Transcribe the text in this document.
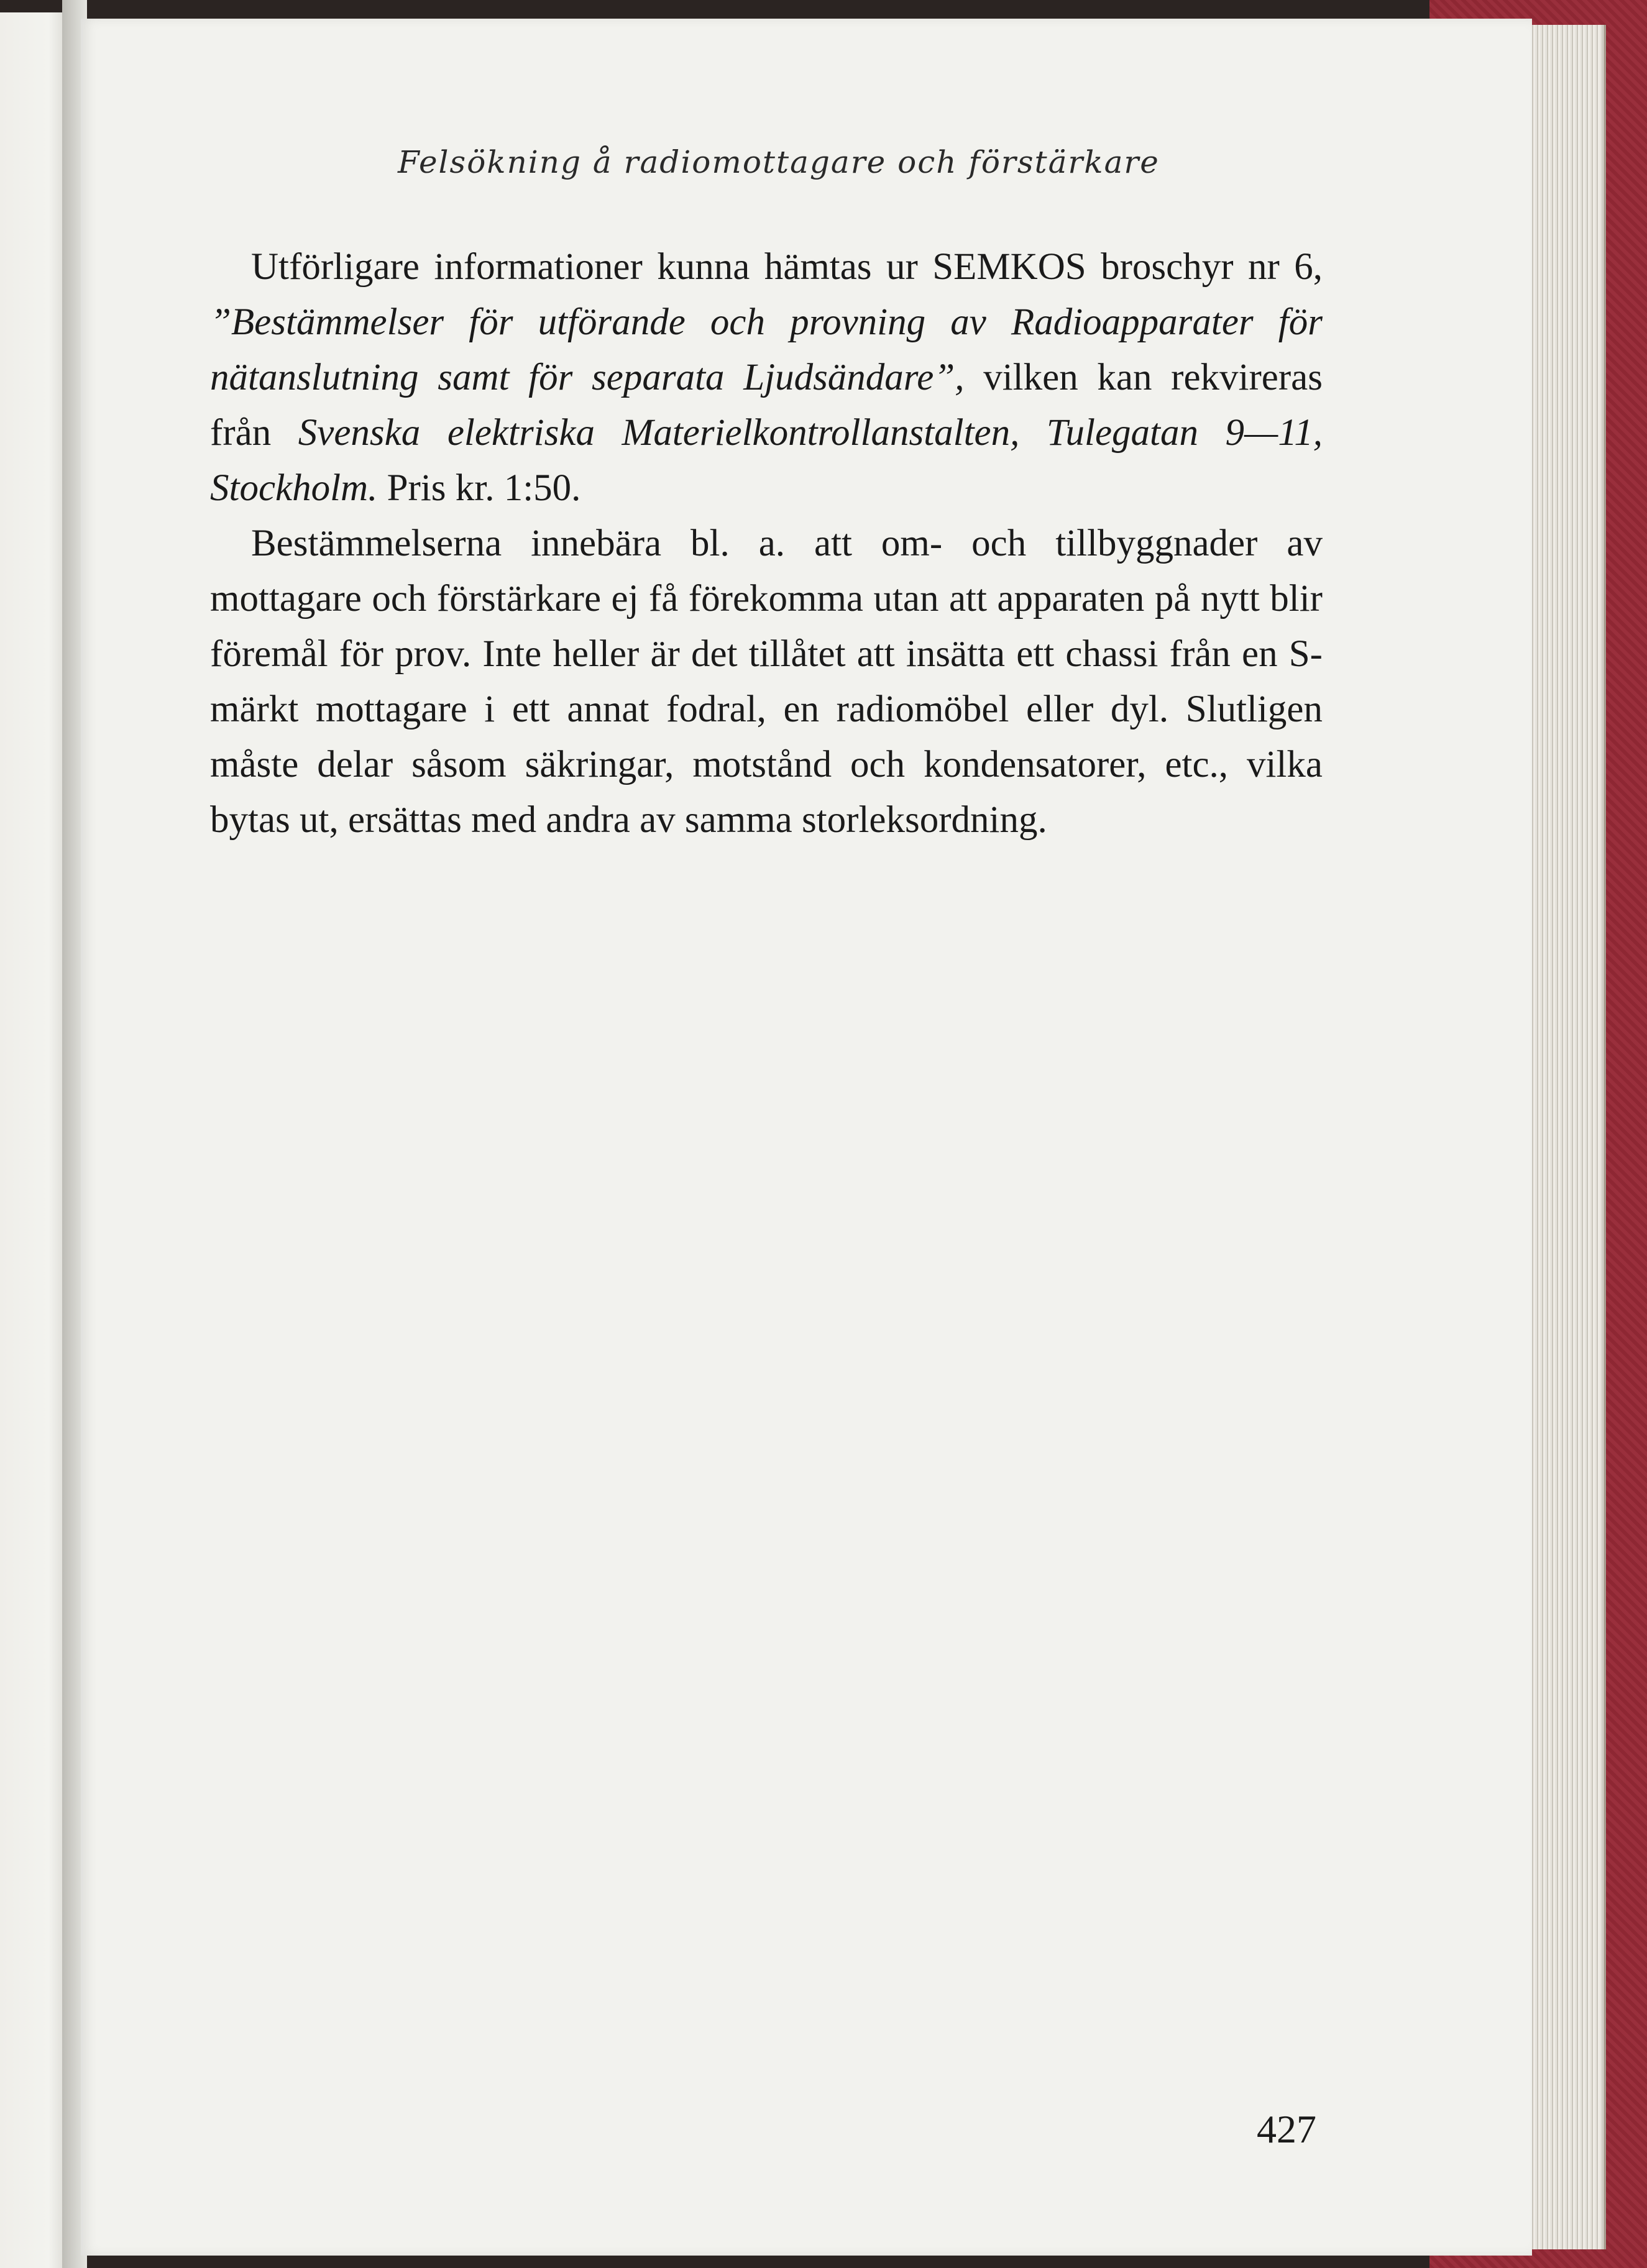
Felsökning å radiomottagare och förstärkare

Utförligare informationer kunna hämtas ur SEMKOS broschyr nr 6, ”Bestämmelser för utförande och provning av Radioapparater för nätanslutning samt för separata Ljudsändare”, vilken kan rekvireras från Svenska elektriska Materielkontrollanstalten, Tulegatan 9—11, Stockholm. Pris kr. 1:50.

Bestämmelserna innebära bl. a. att om- och tillbyggnader av mottagare och förstärkare ej få förekomma utan att apparaten på nytt blir föremål för prov. Inte heller är det tillåtet att insätta ett chassi från en S-märkt mottagare i ett annat fodral, en radiomöbel eller dyl. Slutligen måste delar såsom säkringar, motstånd och kondensatorer, etc., vilka bytas ut, ersättas med andra av samma storleksordning.

427
